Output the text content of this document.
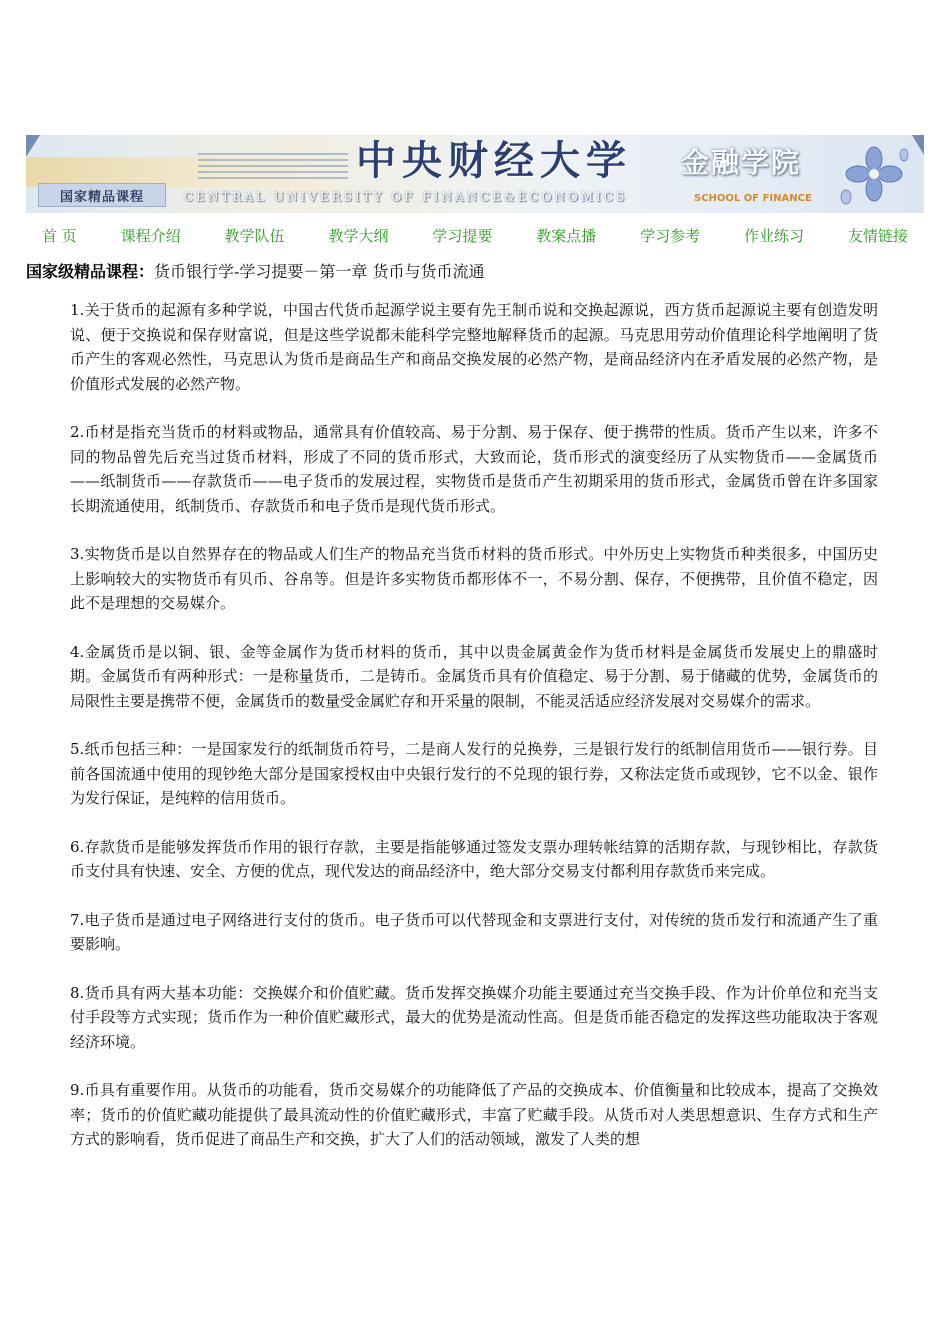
国家精品课程
中央财经大学
CENTRAL UNIVERSITY OF FINANCE&ECONOMICS
金融学院
SCHOOL OF FINANCE
首 页	课程介绍	教学队伍	教学大纲	学习提要	教案点播	学习参考	作业练习	友情链接
国家级精品课程：货币银行学-学习提要－第一章 货币与货币流通

1.关于货币的起源有多种学说，中国古代货币起源学说主要有先王制币说和交换起源说，西方货币起源说主要有创造发明说、便于交换说和保存财富说，但是这些学说都未能科学完整地解释货币的起源。马克思用劳动价值理论科学地阐明了货币产生的客观必然性，马克思认为货币是商品生产和商品交换发展的必然产物，是商品经济内在矛盾发展的必然产物，是价值形式发展的必然产物。

2.币材是指充当货币的材料或物品，通常具有价值较高、易于分割、易于保存、便于携带的性质。货币产生以来，许多不同的物品曾先后充当过货币材料，形成了不同的货币形式，大致而论，货币形式的演变经历了从实物货币——金属货币——纸制货币——存款货币——电子货币的发展过程，实物货币是货币产生初期采用的货币形式，金属货币曾在许多国家长期流通使用，纸制货币、存款货币和电子货币是现代货币形式。

3.实物货币是以自然界存在的物品或人们生产的物品充当货币材料的货币形式。中外历史上实物货币种类很多，中国历史上影响较大的实物货币有贝币、谷帛等。但是许多实物货币都形体不一，不易分割、保存，不便携带，且价值不稳定，因此不是理想的交易媒介。

4.金属货币是以铜、银、金等金属作为货币材料的货币，其中以贵金属黄金作为货币材料是金属货币发展史上的鼎盛时期。金属货币有两种形式：一是称量货币，二是铸币。金属货币具有价值稳定、易于分割、易于储藏的优势，金属货币的局限性主要是携带不便，金属货币的数量受金属贮存和开采量的限制，不能灵活适应经济发展对交易媒介的需求。

5.纸币包括三种：一是国家发行的纸制货币符号，二是商人发行的兑换券，三是银行发行的纸制信用货币——银行券。目前各国流通中使用的现钞绝大部分是国家授权由中央银行发行的不兑现的银行券，又称法定货币或现钞，它不以金、银作为发行保证，是纯粹的信用货币。

6.存款货币是能够发挥货币作用的银行存款，主要是指能够通过签发支票办理转帐结算的活期存款，与现钞相比，存款货币支付具有快速、安全、方便的优点，现代发达的商品经济中，绝大部分交易支付都利用存款货币来完成。

7.电子货币是通过电子网络进行支付的货币。电子货币可以代替现金和支票进行支付，对传统的货币发行和流通产生了重要影响。

8.货币具有两大基本功能：交换媒介和价值贮藏。货币发挥交换媒介功能主要通过充当交换手段、作为计价单位和充当支付手段等方式实现；货币作为一种价值贮藏形式，最大的优势是流动性高。但是货币能否稳定的发挥这些功能取决于客观经济环境。

9.币具有重要作用。从货币的功能看，货币交易媒介的功能降低了产品的交换成本、价值衡量和比较成本，提高了交换效率；货币的价值贮藏功能提供了最具流动性的价值贮藏形式，丰富了贮藏手段。从货币对人类思想意识、生存方式和生产方式的影响看，货币促进了商品生产和交换，扩大了人们的活动领域，激发了人类的想
